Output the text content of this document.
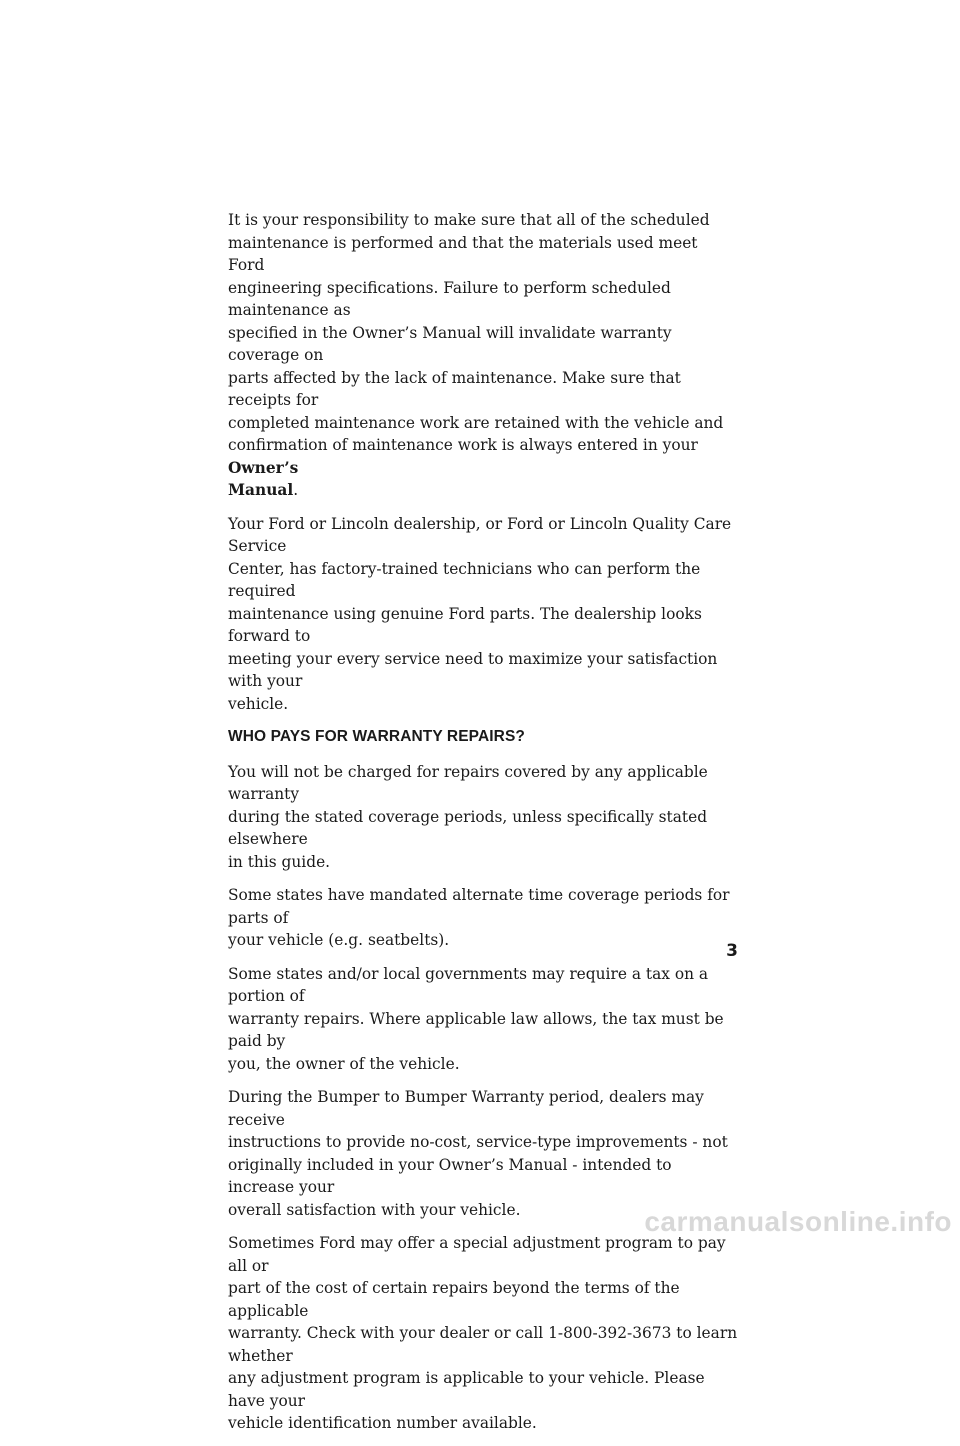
It is your responsibility to make sure that all of the scheduled
maintenance is performed and that the materials used meet Ford
engineering specifications. Failure to perform scheduled maintenance as
specified in the Owner’s Manual will invalidate warranty coverage on
parts affected by the lack of maintenance. Make sure that receipts for
completed maintenance work are retained with the vehicle and
confirmation of maintenance work is always entered in your Owner’s
Manual.

Your Ford or Lincoln dealership, or Ford or Lincoln Quality Care Service
Center, has factory-trained technicians who can perform the required
maintenance using genuine Ford parts. The dealership looks forward to
meeting your every service need to maximize your satisfaction with your
vehicle.

WHO PAYS FOR WARRANTY REPAIRS?

You will not be charged for repairs covered by any applicable warranty
during the stated coverage periods, unless specifically stated elsewhere
in this guide.

Some states have mandated alternate time coverage periods for parts of
your vehicle (e.g. seatbelts).

Some states and/or local governments may require a tax on a portion of
warranty repairs. Where applicable law allows, the tax must be paid by
you, the owner of the vehicle.

During the Bumper to Bumper Warranty period, dealers may receive
instructions to provide no-cost, service-type improvements - not
originally included in your Owner’s Manual - intended to increase your
overall satisfaction with your vehicle.

Sometimes Ford may offer a special adjustment program to pay all or
part of the cost of certain repairs beyond the terms of the applicable
warranty. Check with your dealer or call 1-800-392-3673 to learn whether
any adjustment program is applicable to your vehicle. Please have your
vehicle identification number available.

3
carmanualsonline.info
